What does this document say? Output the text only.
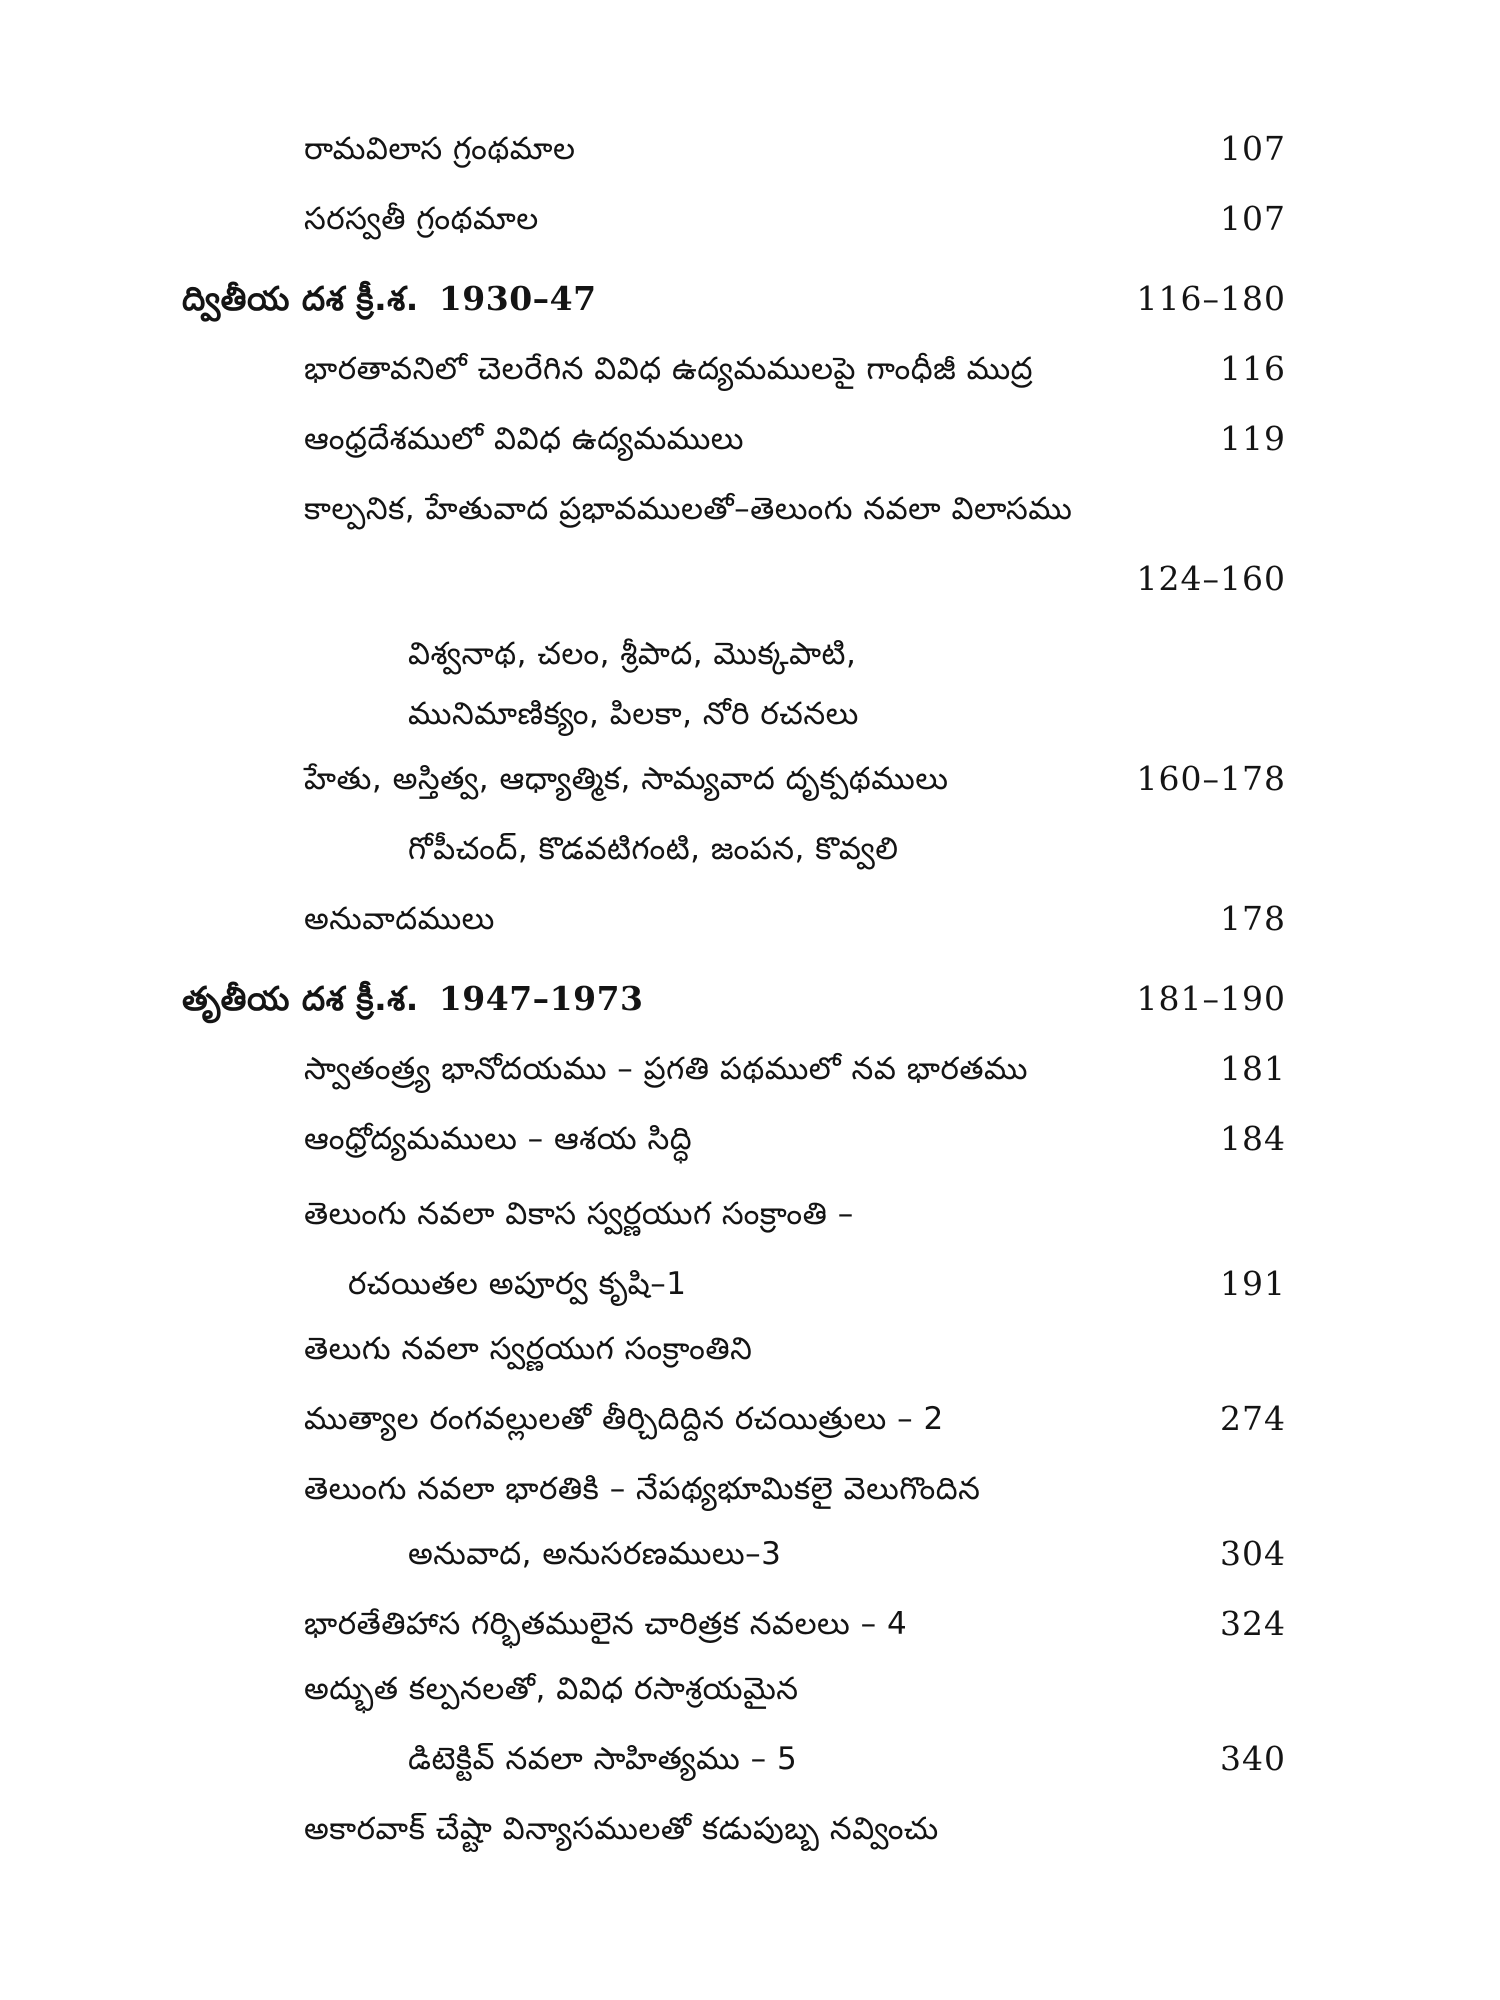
రామవిలాస గ్రంథమాల	107
సరస్వతీ గ్రంథమాల	107
ద్వితీయ దశ క్రీ.శ. 1930–47	116–180
భారతావనిలో చెలరేగిన వివిధ ఉద్యమములపై గాంధీజీ ముద్ర	116
ఆంధ్రదేశములో వివిధ ఉద్యమములు	119
కాల్పనిక, హేతువాద ప్రభావములతో–తెలుంగు నవలా విలాసము
124–160
విశ్వనాథ, చలం, శ్రీపాద, మొక్కపాటి,
మునిమాణిక్యం, పిలకా, నోరి రచనలు
హేతు, అస్తిత్వ, ఆధ్యాత్మిక, సామ్యవాద దృక్పథములు	160–178
గోపీచంద్, కొడవటిగంటి, జంపన, కొవ్వలి
అనువాదములు	178
తృతీయ దశ క్రీ.శ. 1947–1973	181–190
స్వాతంత్ర్య భానోదయము – ప్రగతి పథములో నవ భారతము	181
ఆంధ్రోద్యమములు – ఆశయ సిద్ధి	184
తెలుంగు నవలా వికాస స్వర్ణయుగ సంక్రాంతి –
రచయితల అపూర్వ కృషి–1	191
తెలుగు నవలా స్వర్ణయుగ సంక్రాంతిని
ముత్యాల రంగవల్లులతో తీర్చిదిద్దిన రచయిత్రులు – 2	274
తెలుంగు నవలా భారతికి – నేపథ్యభూమికలై వెలుగొందిన
అనువాద, అనుసరణములు–3	304
భారతేతిహాస గర్భితములైన చారిత్రక నవలలు – 4	324
అద్భుత కల్పనలతో, వివిధ రసాశ్రయమైన
డిటెక్టివ్ నవలా సాహిత్యము – 5	340
అకారవాక్ చేష్టా విన్యాసములతో కడుపుబ్బ నవ్వించు
